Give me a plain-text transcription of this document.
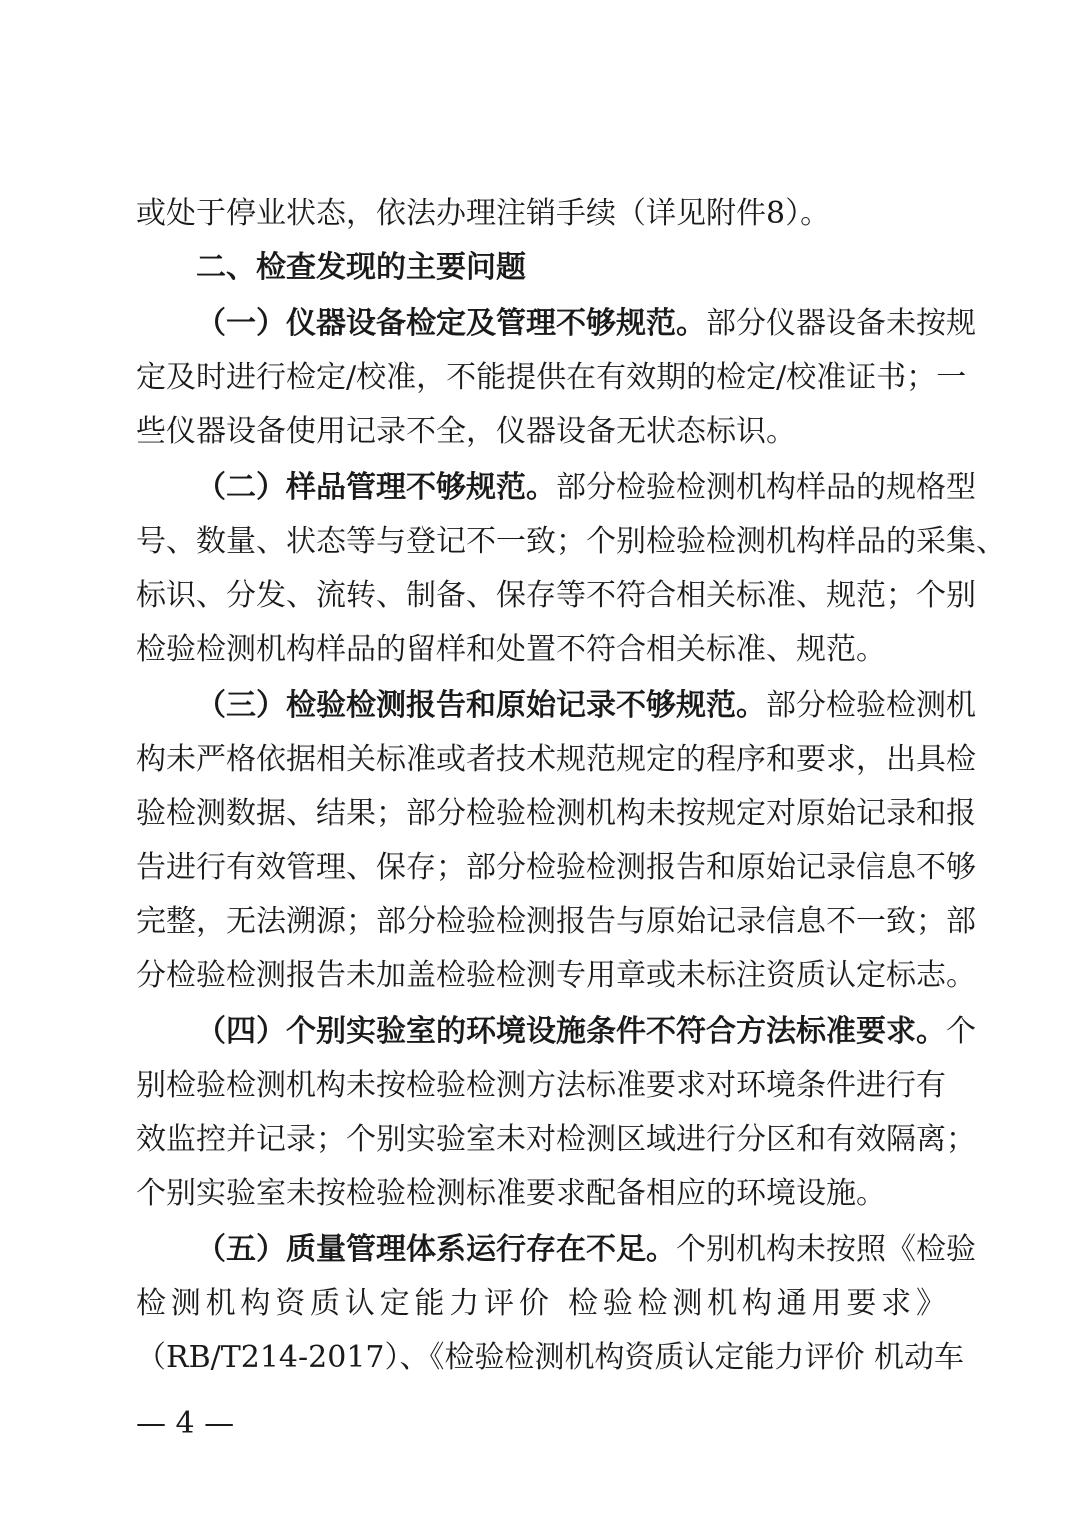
或处于停业状态，依法办理注销手续（详见附件8）。
二、检查发现的主要问题
（一）仪器设备检定及管理不够规范。部分仪器设备未按规
定及时进行检定/校准，不能提供在有效期的检定/校准证书；一
些仪器设备使用记录不全，仪器设备无状态标识。
（二）样品管理不够规范。部分检验检测机构样品的规格型
号、数量、状态等与登记不一致；个别检验检测机构样品的采集、
标识、分发、流转、制备、保存等不符合相关标准、规范；个别
检验检测机构样品的留样和处置不符合相关标准、规范。
（三）检验检测报告和原始记录不够规范。部分检验检测机
构未严格依据相关标准或者技术规范规定的程序和要求，出具检
验检测数据、结果；部分检验检测机构未按规定对原始记录和报
告进行有效管理、保存；部分检验检测报告和原始记录信息不够
完整，无法溯源；部分检验检测报告与原始记录信息不一致；部
分检验检测报告未加盖检验检测专用章或未标注资质认定标志。
（四）个别实验室的环境设施条件不符合方法标准要求。个
别检验检测机构未按检验检测方法标准要求对环境条件进行有
效监控并记录；个别实验室未对检测区域进行分区和有效隔离；
个别实验室未按检验检测标准要求配备相应的环境设施。
（五）质量管理体系运行存在不足。个别机构未按照《检验
检测机构资质认定能力评价 检验检测机构通用要求》
（RB/T214-2017）、《检验检测机构资质认定能力评价 机动车
— 4 —
